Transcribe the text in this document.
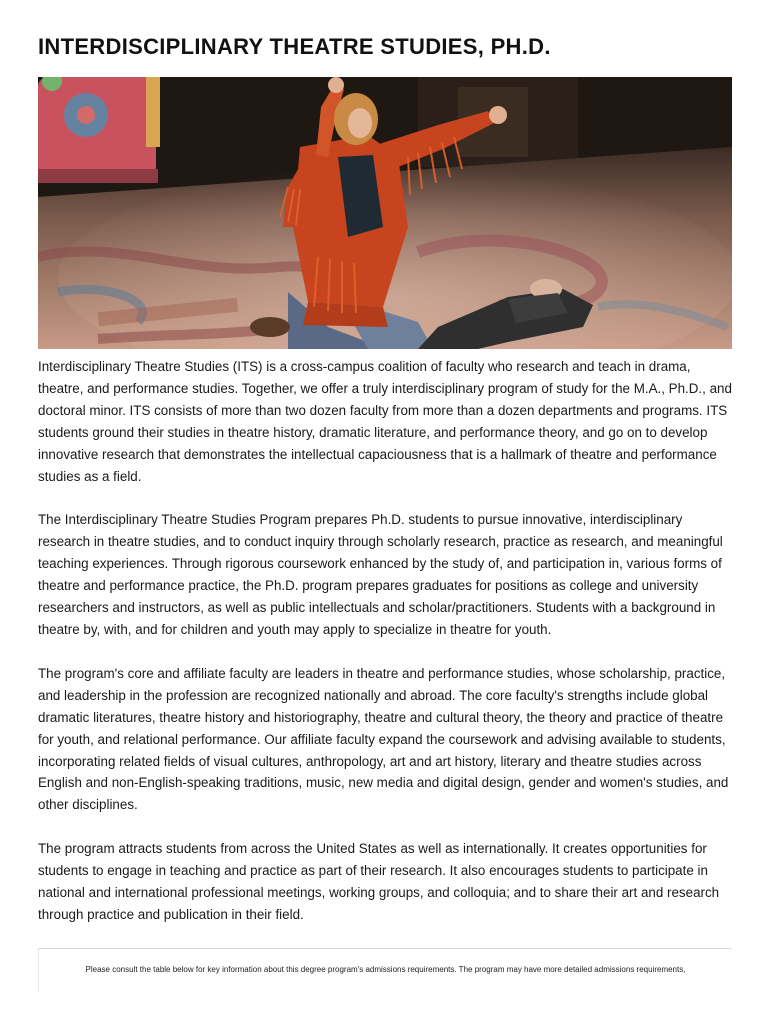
INTERDISCIPLINARY THEATRE STUDIES, PH.D.

Interdisciplinary Theatre Studies (ITS) is a cross-campus coalition of faculty who research and teach in drama, theatre, and performance studies. Together, we offer a truly interdisciplinary program of study for the M.A., Ph.D., and doctoral minor. ITS consists of more than two dozen faculty from more than a dozen departments and programs. ITS students ground their studies in theatre history, dramatic literature, and performance theory, and go on to develop innovative research that demonstrates the intellectual capaciousness that is a hallmark of theatre and performance studies as a field.

The Interdisciplinary Theatre Studies Program prepares Ph.D. students to pursue innovative, interdisciplinary research in theatre studies, and to conduct inquiry through scholarly research, practice as research, and meaningful teaching experiences. Through rigorous coursework enhanced by the study of, and participation in, various forms of theatre and performance practice, the Ph.D. program prepares graduates for positions as college and university researchers and instructors, as well as public intellectuals and scholar/practitioners. Students with a background in theatre by, with, and for children and youth may apply to specialize in theatre for youth.

The program's core and affiliate faculty are leaders in theatre and performance studies, whose scholarship, practice, and leadership in the profession are recognized nationally and abroad. The core faculty's strengths include global dramatic literatures, theatre history and historiography, theatre and cultural theory, the theory and practice of theatre for youth, and relational performance. Our affiliate faculty expand the coursework and advising available to students, incorporating related fields of visual cultures, anthropology, art and art history, literary and theatre studies across English and non-English-speaking traditions, music, new media and digital design, gender and women's studies, and other disciplines.

The program attracts students from across the United States as well as internationally. It creates opportunities for students to engage in teaching and practice as part of their research. It also encourages students to participate in national and international professional meetings, working groups, and colloquia; and to share their art and research through practice and publication in their field.

Please consult the table below for key information about this degree program's admissions requirements. The program may have more detailed admissions requirements,
